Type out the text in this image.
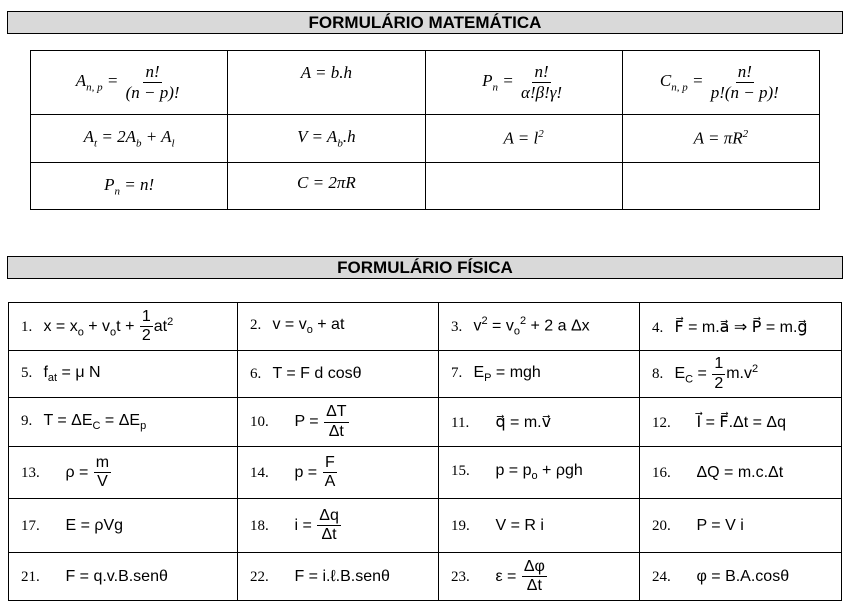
FORMULÁRIO MATEMÁTICA
$A_{n, p} = \frac{n!}{(n - p)!}$	A = b.h	$P_n = \frac{n!}{\alpha!\beta!\gamma!}$	$C_{n, p} = \frac{n!}{p!(n - p)!}$

$A_t = 2A_b + A_l$	$V = A_b.h$	$A = l^2$	$A = \pi R^2$
$P_n = n$!	C = 2πR		
FORMULÁRIO FÍSICA
1. $x = x_o + v_ot + \frac{1}{2} at^2$	2. $v = v_o$ + at	3. $v^2 = v_o^2 + 2$ a Δx	4. F⃗ = m.a⃗ ⇒ P⃗ = m.g⃗
5. $f_{at} = \mu$ N	6. T = F d cosθ	7. $E_P$ = mgh	8. $E_C = \frac{1}{2} m.v^2$
9. $T = \Delta E_C = \Delta E_p$	10. $P = \frac{\Delta T}{\Delta t}$	11. q⃗ = m.v⃗	12. I⃗ = F⃗.Δt = Δq
13. $\rho = \frac{m}{V}$	14. $p = \frac{F}{A}$	15. $p = p_o + \rho gh$	16. ΔQ = m.c.Δt
17. E = ρVg	18. $i = \frac{\Delta q}{\Delta t}$	19. V = R i	20. P = V i
21. F = q.v.B.senθ	22. F = i.ℓ.B.senθ	23. $\varepsilon = \frac{\Delta\varphi}{\Delta t}$	24. φ = B.A.cosθ
